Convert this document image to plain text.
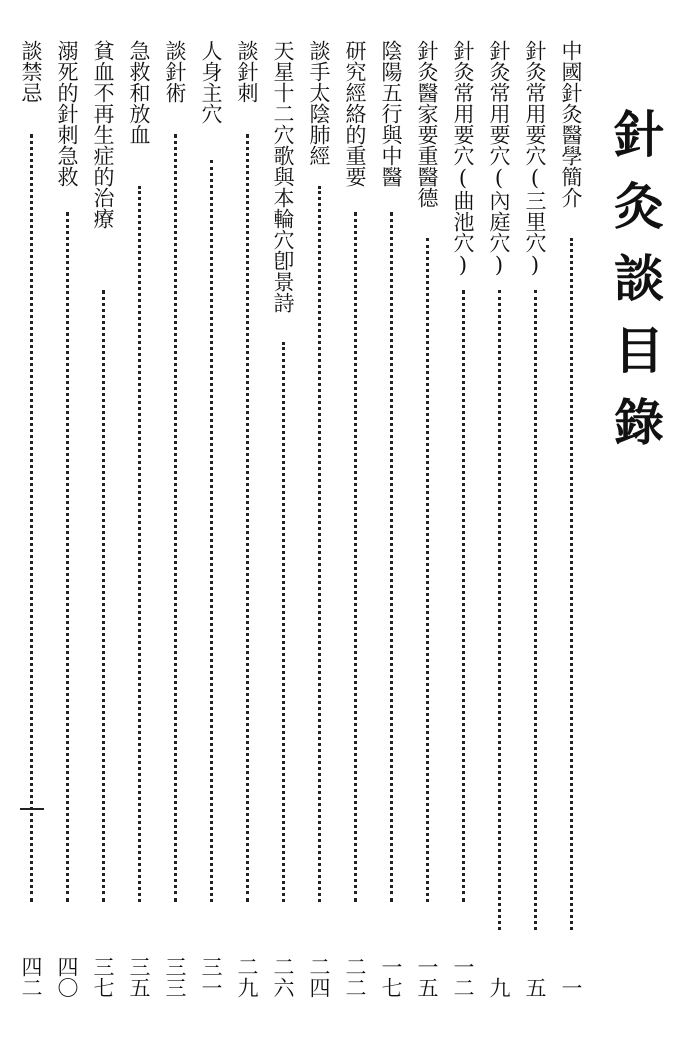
針灸談目錄
中國針灸醫學簡介
一
針灸常用要穴(三里穴)
五
針灸常用要穴(內庭穴)
九
針灸常用要穴(曲池穴)
一二
針灸醫家要重醫德
一五
陰陽五行與中醫
一七
研究經絡的重要
二二
談手太陰肺經
二四
天星十二穴歌與本輪穴卽景詩
二六
談針刺
二九
人身主穴
三一
談針術
三三
急救和放血
三五
貧血不再生症的治療
三七
溺死的針刺急救
四〇
談禁忌
四二
